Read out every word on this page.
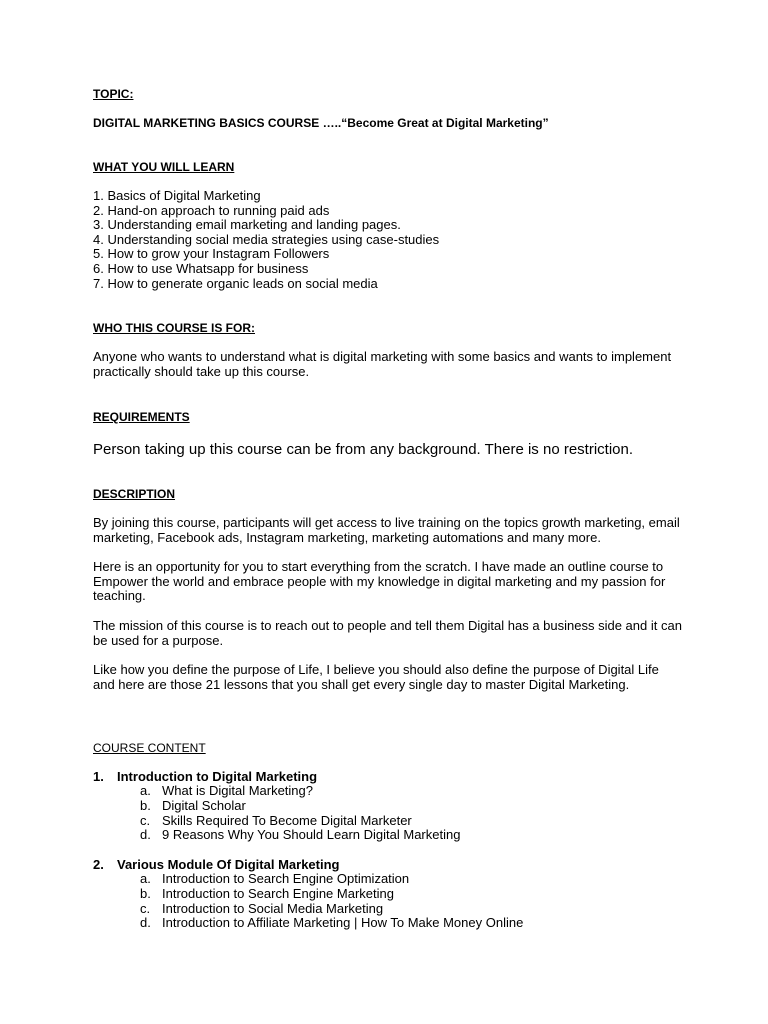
TOPIC:
DIGITAL MARKETING BASICS COURSE …..“Become Great at Digital Marketing”
WHAT YOU WILL LEARN
1. Basics of Digital Marketing
2. Hand-on approach to running paid ads
3. Understanding email marketing and landing pages.
4. Understanding social media strategies using case-studies
5. How to grow your Instagram Followers
6. How to use Whatsapp for business
7. How to generate organic leads on social media
WHO THIS COURSE IS FOR:

Anyone who wants to understand what is digital marketing with some basics and wants to implement practically should take up this course.

REQUIREMENTS
Person taking up this course can be from any background. There is no restriction.
DESCRIPTION

By joining this course, participants will get access to live training on the topics growth marketing, email marketing, Facebook ads, Instagram marketing, marketing automations and many more.

Here is an opportunity for you to start everything from the scratch. I have made an outline course to Empower the world and embrace people with my knowledge in digital marketing and my passion for teaching.

The mission of this course is to reach out to people and tell them Digital has a business side and it can be used for a purpose.

Like how you define the purpose of Life, I believe you should also define the purpose of Digital Life and here are those 21 lessons that you shall get every single day to master Digital Marketing.

COURSE CONTENT
1. Introduction to Digital Marketing
a. What is Digital Marketing?
b. Digital Scholar
c. Skills Required To Become Digital Marketer
d. 9 Reasons Why You Should Learn Digital Marketing
2. Various Module Of Digital Marketing
a. Introduction to Search Engine Optimization
b. Introduction to Search Engine Marketing
c. Introduction to Social Media Marketing
d. Introduction to Affiliate Marketing | How To Make Money Online
